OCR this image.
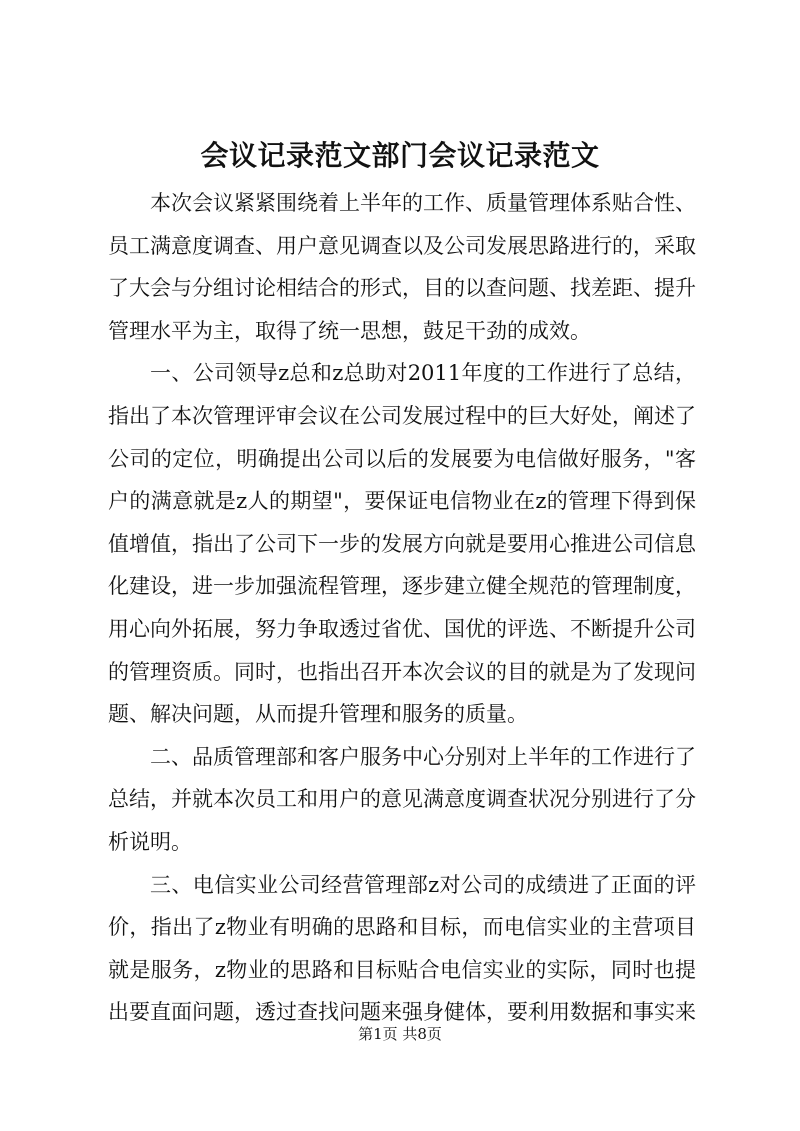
会议记录范文部门会议记录范文

本次会议紧紧围绕着上半年的工作、质量管理体系贴合性、员工满意度调查、用户意见调查以及公司发展思路进行的，采取了大会与分组讨论相结合的形式，目的以查问题、找差距、提升管理水平为主，取得了统一思想，鼓足干劲的成效。

一、公司领导z总和z总助对2011年度的工作进行了总结，指出了本次管理评审会议在公司发展过程中的巨大好处，阐述了公司的定位，明确提出公司以后的发展要为电信做好服务，"客户的满意就是z人的期望"，要保证电信物业在z的管理下得到保值增值，指出了公司下一步的发展方向就是要用心推进公司信息化建设，进一步加强流程管理，逐步建立健全规范的管理制度，用心向外拓展，努力争取透过省优、国优的评选、不断提升公司的管理资质。同时，也指出召开本次会议的目的就是为了发现问题、解决问题，从而提升管理和服务的质量。

二、品质管理部和客户服务中心分别对上半年的工作进行了总结，并就本次员工和用户的意见满意度调查状况分别进行了分析说明。

三、电信实业公司经营管理部z对公司的成绩进了正面的评价，指出了z物业有明确的思路和目标，而电信实业的主营项目就是服务，z物业的思路和目标贴合电信实业的实际，同时也提出要直面问题，透过查找问题来强身健体，要利用数据和事实来

第1页 共8页
